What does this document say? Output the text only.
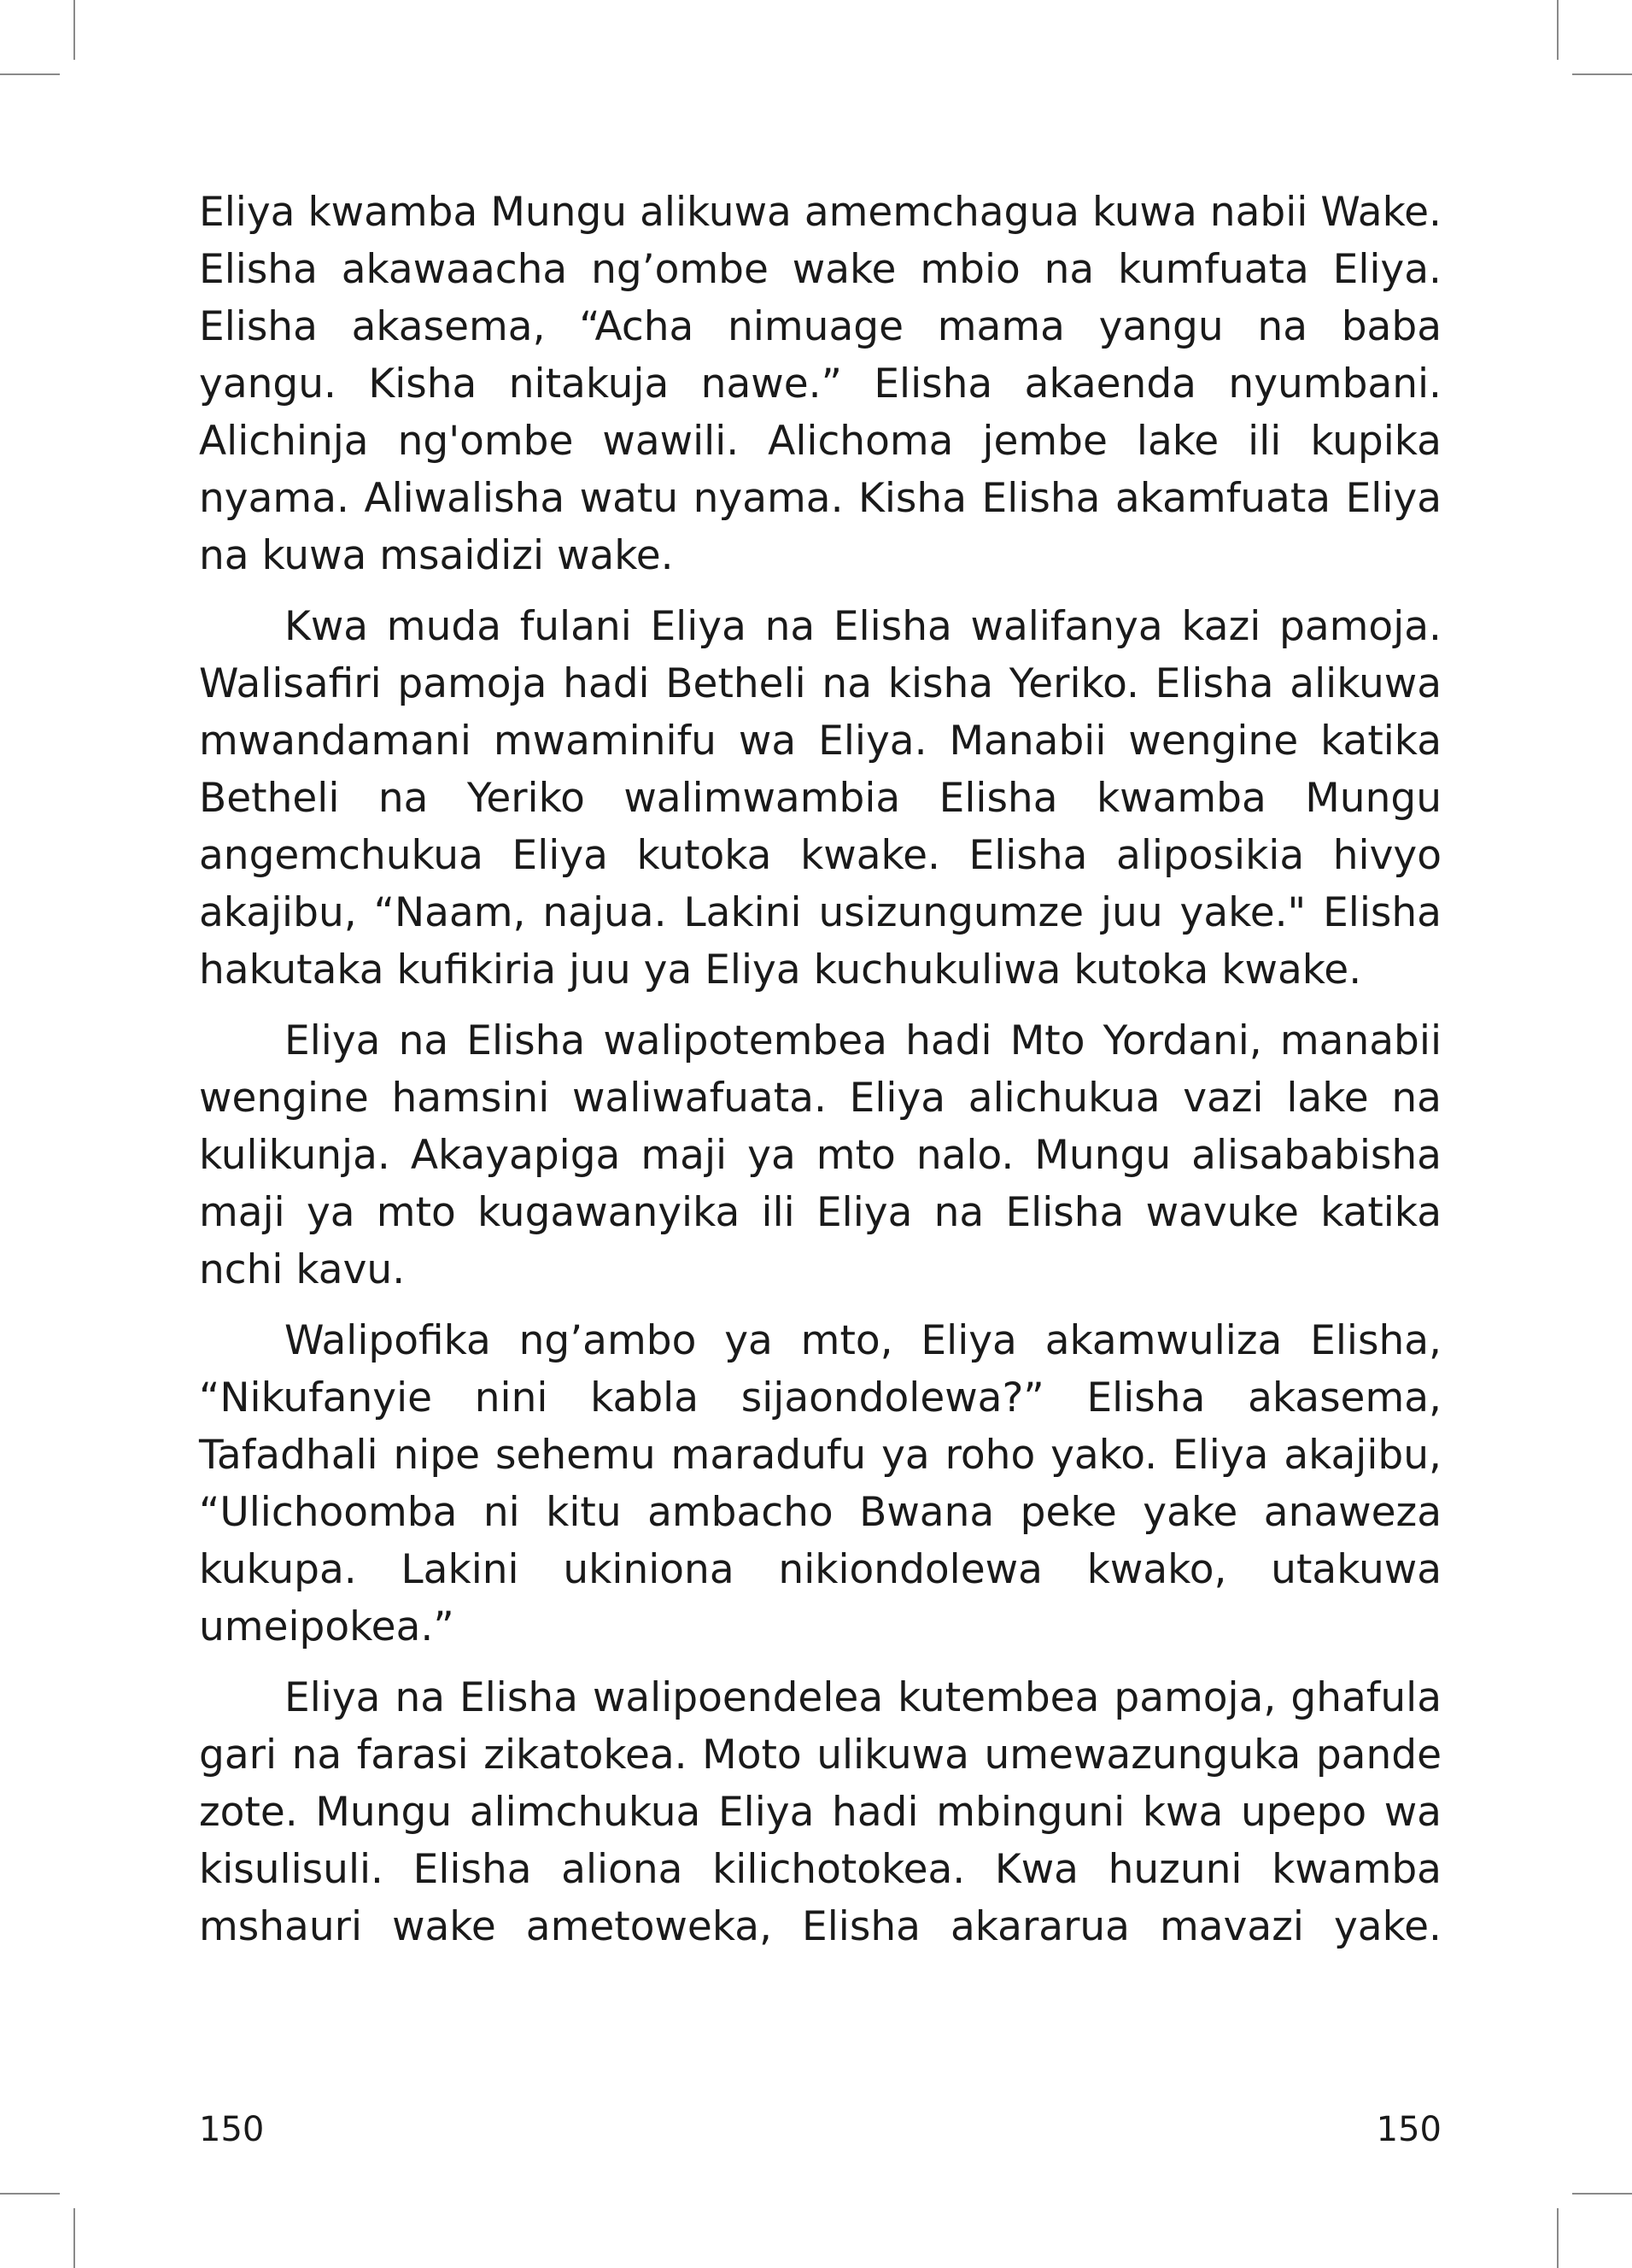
Eliya kwamba Mungu alikuwa amemchagua kuwa nabii Wake. Elisha akawaacha ng’ombe wake mbio na kumfuata Eliya. Elisha akasema, “Acha nimuage mama yangu na baba yangu. Kisha nitakuja nawe.” Elisha akaenda nyumbani. Alichinja ng'ombe wawili. Alichoma jembe lake ili kupika nyama. Aliwalisha watu nyama. Kisha Elisha akamfuata Eliya na kuwa msaidizi wake.

Kwa muda fulani Eliya na Elisha walifanya kazi pamoja. Walisafiri pamoja hadi Betheli na kisha Yeriko. Elisha alikuwa mwandamani mwaminifu wa Eliya. Manabii wengine katika Betheli na Yeriko walimwambia Elisha kwamba Mungu angemchukua Eliya kutoka kwake. Elisha aliposikia hivyo akajibu, “Naam, najua. Lakini usizungumze juu yake." Elisha hakutaka kufikiria juu ya Eliya kuchukuliwa kutoka kwake.

Eliya na Elisha walipotembea hadi Mto Yordani, manabii wengine hamsini waliwafuata. Eliya alichukua vazi lake na kulikunja. Akayapiga maji ya mto nalo. Mungu alisababisha maji ya mto kugawanyika ili Eliya na Elisha wavuke katika nchi kavu.

Walipofika ng’ambo ya mto, Eliya akamwuliza Elisha, “Nikufanyie nini kabla sijaondolewa?” Elisha akasema, Tafadhali nipe sehemu maradufu ya roho yako. Eliya akajibu, “Ulichoomba ni kitu ambacho Bwana peke yake anaweza kukupa. Lakini ukiniona nikiondolewa kwako, utakuwa umeipokea.”

Eliya na Elisha walipoendelea kutembea pamoja, ghafula gari na farasi zikatokea. Moto ulikuwa umewazunguka pande zote. Mungu alimchukua Eliya hadi mbinguni kwa upepo wa kisulisuli. Elisha aliona kilichotokea. Kwa huzuni kwamba mshauri wake ametoweka, Elisha akararua mavazi yake.

150	150
